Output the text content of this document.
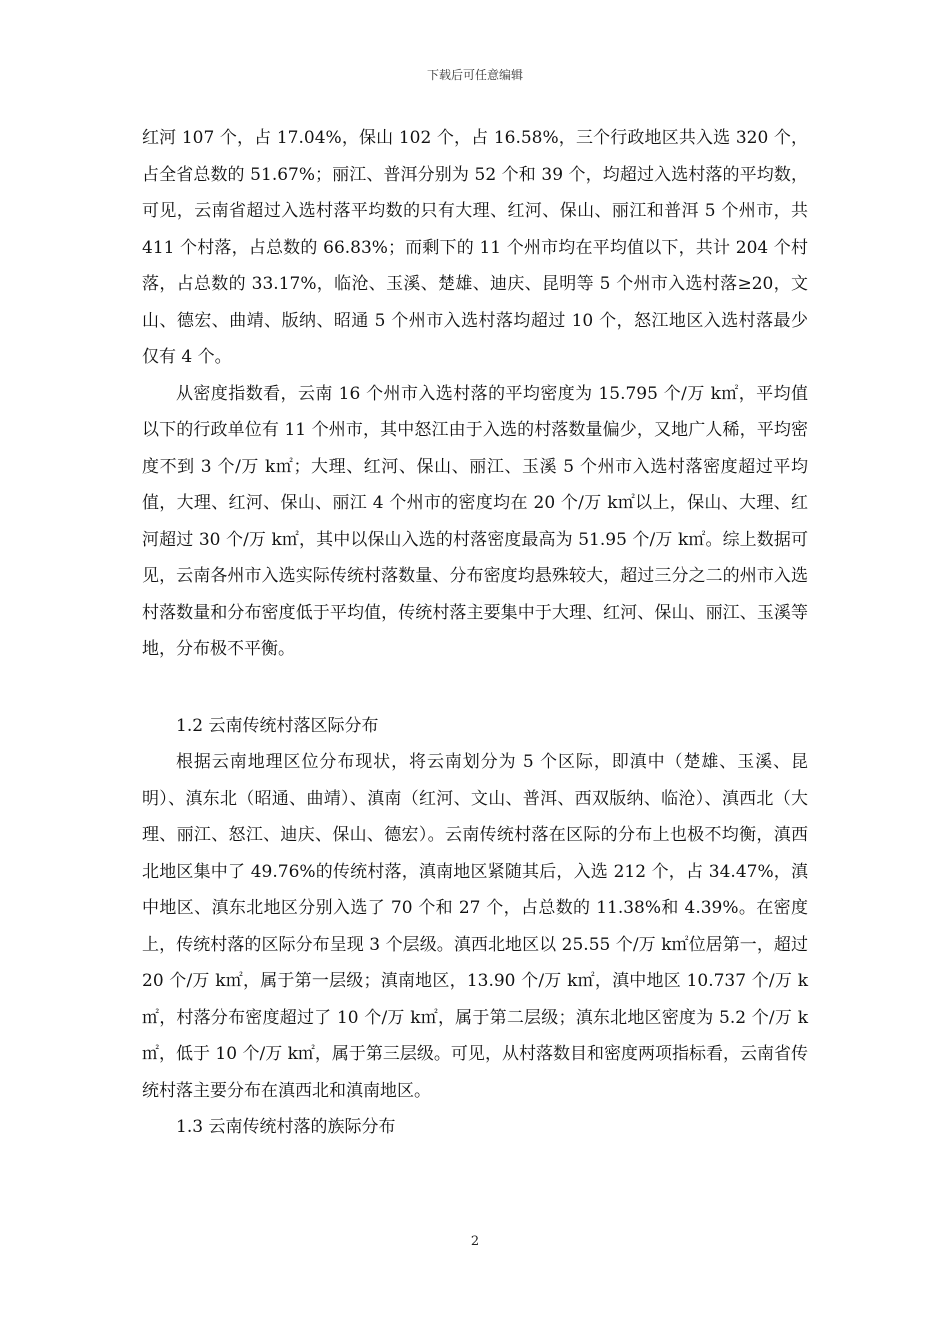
下载后可任意编辑

红河 107 个，占 17.04%，保山 102 个，占 16.58%，三个行政地区共入选 320 个，占全省总数的 51.67%；丽江、普洱分别为 52 个和 39 个，均超过入选村落的平均数，可见，云南省超过入选村落平均数的只有大理、红河、保山、丽江和普洱 5 个州市，共 411 个村落，占总数的 66.83%；而剩下的 11 个州市均在平均值以下，共计 204 个村落，占总数的 33.17%，临沧、玉溪、楚雄、迪庆、昆明等 5 个州市入选村落≥20，文山、德宏、曲靖、版纳、昭通 5 个州市入选村落均超过 10 个，怒江地区入选村落最少仅有 4 个。

从密度指数看，云南 16 个州市入选村落的平均密度为 15.795 个/万 k㎡，平均值以下的行政单位有 11 个州市，其中怒江由于入选的村落数量偏少，又地广人稀，平均密度不到 3 个/万 k㎡；大理、红河、保山、丽江、玉溪 5 个州市入选村落密度超过平均值，大理、红河、保山、丽江 4 个州市的密度均在 20 个/万 k㎡以上，保山、大理、红河超过 30 个/万 k㎡，其中以保山入选的村落密度最高为 51.95 个/万 k㎡。综上数据可见，云南各州市入选实际传统村落数量、分布密度均悬殊较大，超过三分之二的州市入选村落数量和分布密度低于平均值，传统村落主要集中于大理、红河、保山、丽江、玉溪等地，分布极不平衡。

1.2 云南传统村落区际分布

根据云南地理区位分布现状，将云南划分为 5 个区际，即滇中（楚雄、玉溪、昆明）、滇东北（昭通、曲靖）、滇南（红河、文山、普洱、西双版纳、临沧）、滇西北（大理、丽江、怒江、迪庆、保山、德宏）。云南传统村落在区际的分布上也极不均衡，滇西北地区集中了 49.76%的传统村落，滇南地区紧随其后，入选 212 个，占 34.47%，滇中地区、滇东北地区分别入选了 70 个和 27 个，占总数的 11.38%和 4.39%。在密度上，传统村落的区际分布呈现 3 个层级。滇西北地区以 25.55 个/万 k㎡位居第一，超过 20 个/万 k㎡，属于第一层级；滇南地区，13.90 个/万 k㎡，滇中地区 10.737 个/万 k㎡，村落分布密度超过了 10 个/万 k㎡，属于第二层级；滇东北地区密度为 5.2 个/万 k㎡，低于 10 个/万 k㎡，属于第三层级。可见，从村落数目和密度两项指标看，云南省传统村落主要分布在滇西北和滇南地区。

1.3 云南传统村落的族际分布

2
